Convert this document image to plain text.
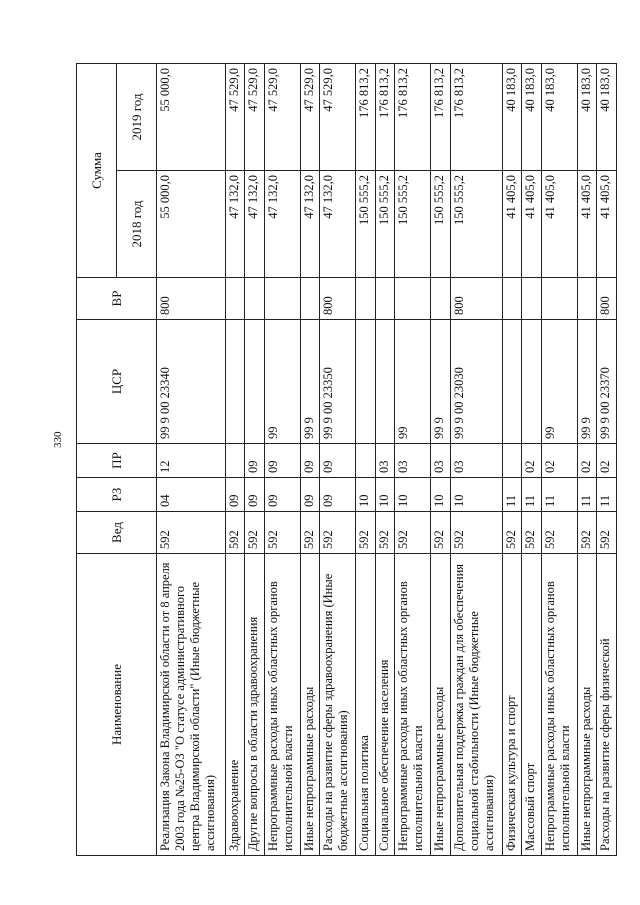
330
Наименование	Вед	РЗ	ПР	ЦСР	ВР	Сумма	
						2018 год	2019 год
Реализация Закона Владимирской области от 8 апреля 2003 года №25-ОЗ "О статусе административного центра Владимирской области" (Иные бюджетные ассигнования)	592	04	12	99 9 00 23340	800	55 000,0	55 000,0
Здравоохранение	592	09				47 132,0	47 529,0
Другие вопросы в области здравоохранения	592	09	09			47 132,0	47 529,0
Непрограммные расходы иных областных органов исполнительной власти	592	09	09	99		47 132,0	47 529,0
Иные непрограммные расходы	592	09	09	99 9		47 132,0	47 529,0
Расходы на развитие сферы здравоохранения (Иные бюджетные ассигнования)	592	09	09	99 9 00 23350	800	47 132,0	47 529,0
Социальная политика	592	10				150 555,2	176 813,2
Социальное обеспечение населения	592	10	03			150 555,2	176 813,2
Непрограммные расходы иных областных органов исполнительной власти	592	10	03	99		150 555,2	176 813,2
Иные непрограммные расходы	592	10	03	99 9		150 555,2	176 813,2
Дополнительная поддержка граждан для обеспечения социальной стабильности (Иные бюджетные ассигнования)	592	10	03	99 9 00 23030	800	150 555,2	176 813,2
Физическая культура и спорт	592	11				41 405,0	40 183,0
Массовый спорт	592	11	02			41 405,0	40 183,0
Непрограммные расходы иных областных органов исполнительной власти	592	11	02	99		41 405,0	40 183,0
Иные непрограммные расходы	592	11	02	99 9		41 405,0	40 183,0
Расходы на развитие сферы физической	592	11	02	99 9 00 23370	800	41 405,0	40 183,0
